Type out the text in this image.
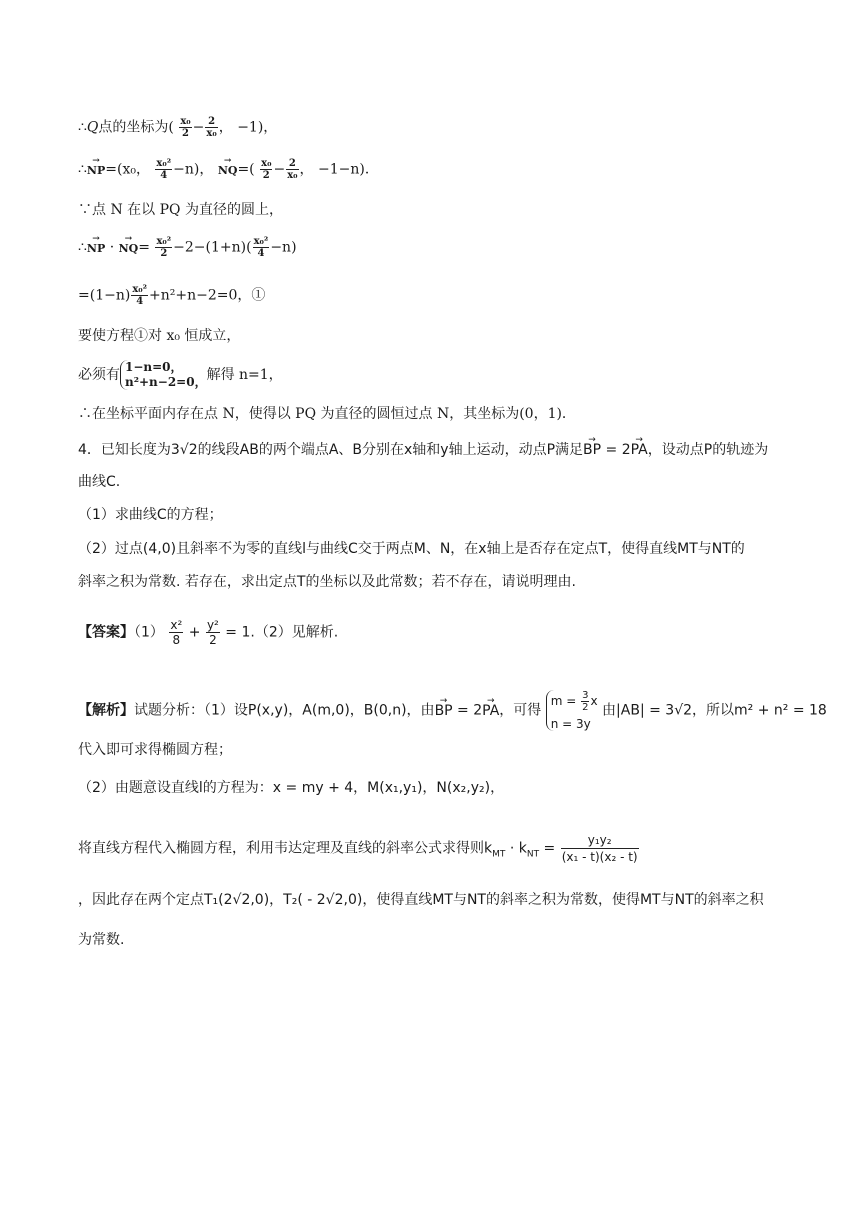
∴Q点的坐标为( $\frac{\text{x₀}}{2} - \frac{2}{\text{x₀}}$ ， −1)，
∴→ NP=(x₀， $\frac{\text{x₀²}}{4} -n$)， → $NQ=( \frac{\text{x₀}}{2} - \frac{2}{\text{x₀}}$ ， −1−n)．
∵点 N 在以 PQ 为直径的圆上，
∴→ NP · → $NQ= \frac{\text{x₀²}}{2} -2-(1+n)( \frac{\text{x₀²}}{4} -n)$
$=(1-n) \frac{\text{x₀²}}{4} +n^2+n-2=0$，①
要使方程①对 x₀ 恒成立，
必须有 1−n=0，
n²+n−2=0， 解得 n=1，
∴在坐标平面内存在点 N，使得以 PQ 为直径的圆恒过点 N，其坐标为(0，1)．
4．已知长度为3√2的线段AB的两个端点A、B分别在x轴和y轴上运动，动点P满足→ BP = 2→ PA，设动点P的轨迹为
曲线C.
（1）求曲线C的方程；
（2）过点(4,0)且斜率不为零的直线l与曲线C交于两点M、N，在x轴上是否存在定点T，使得直线MT与NT的
斜率之积为常数. 若存在，求出定点T的坐标以及此常数；若不存在，请说明理由.
【答案】$(1) \frac{\text{x²}}{8} + \frac{\text{y²}}{2} = 1.(2)$见解析.
【解析】试题分析：（1）设P(x,y)，A(m,0)，B(0,n)，由→ BP = 2→ PA，可得
$m = \frac{3}{2}$ x
n = 3y
由|AB| = 3√2，所以m² + n² = 18
代入即可求得椭圆方程；
（2）由题意设直线l的方程为：x = my + 4，M(x₁,y₁)，N(x₂,y₂)，
将直线方程代入椭圆方程，利用韦达定理及直线的斜率公式求得则$k_{MT} \cdot k_{NT} = \frac{\text{y₁y₂}}{\text{(x₁ - t)(x₂ - t)}}$
，因此存在两个定点T₁(2√2,0)，T₂( - 2√2,0)，使得直线MT与NT的斜率之积为常数，使得MT与NT的斜率之积
为常数.
